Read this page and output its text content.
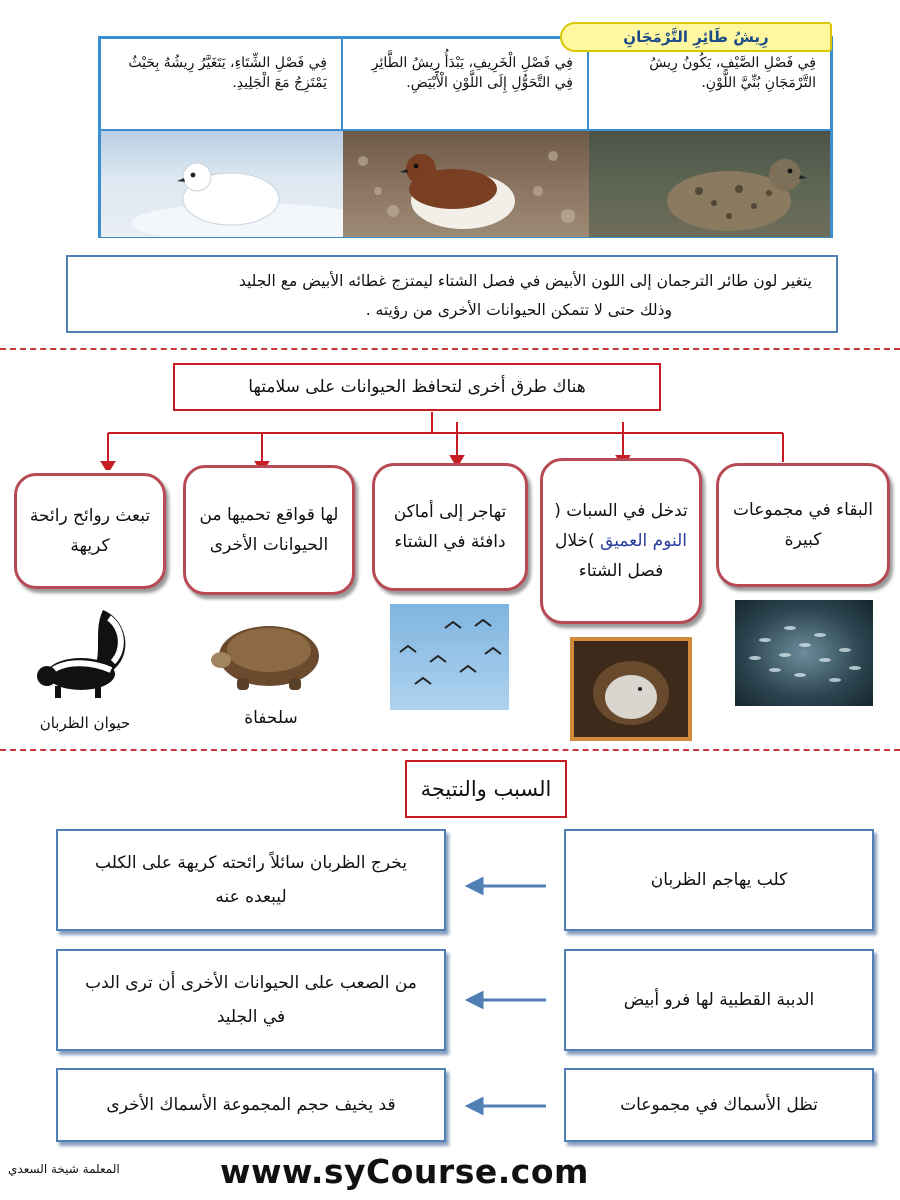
فِي فَصْلِ الشِّتَاءِ، يَتَغَيَّرُ رِيشُهُ بِحَيْثُ يَمْتَزِجُ مَعَ الْجَلِيدِ.
فِي فَصْلِ الْخَرِيفِ، يَبْدَأُ رِيشُ الطَّائِرِ فِي التَّحَوُّلِ إِلَى اللَّوْنِ الْأَبْيَضِ.
فِي فَصْلِ الصَّيْفِ، يَكُونُ رِيشُ التَّرْمَجَانِ بُنِّيَّ اللَّوْنِ.
رِيشُ طَائِرِ التَّرْمَجَانِ
يتغير لون طائر الترجمان إلى اللون الأبيض في فصل الشتاء ليمتزج غطائه الأبيض مع الجليد
وذلك حتى لا تتمكن الحيوانات الأخرى من رؤيته .
هناك طرق أخرى لتحافظ الحيوانات على سلامتها
البقاء في مجموعات كبيرة
تدخل في السبات ( النوم العميق )خلال فصل الشتاء
تهاجر إلى أماكن دافئة في الشتاء
لها قواقع تحميها من الحيوانات الأخرى
تبعث روائح رائحة كريهة
سلحفاة
حيوان الظربان
السبب والنتيجة
كلب يهاجم الظربان
يخرج الظربان سائلاً رائحته كريهة على الكلب ليبعده عنه
الدببة القطبية لها فرو أبيض
من الصعب على الحيوانات الأخرى أن ترى الدب في الجليد
تظل الأسماك في مجموعات
قد يخيف حجم المجموعة الأسماك الأخرى
المعلمة شيخة السعدي	www.syCourse.com
